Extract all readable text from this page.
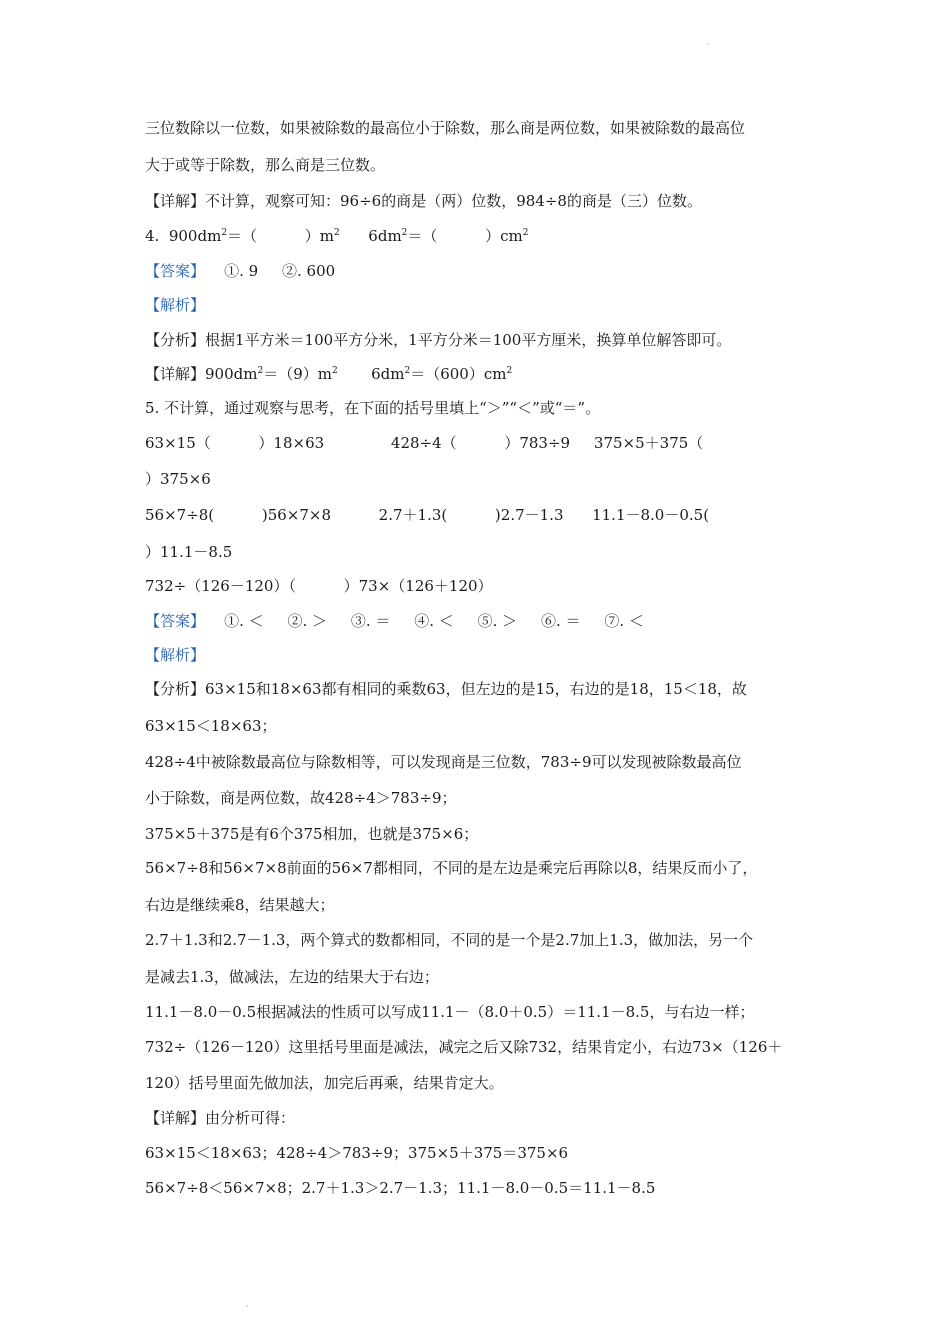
·
三位数除以一位数，如果被除数的最高位小于除数，那么商是两位数，如果被除数的最高位
大于或等于除数，那么商是三位数。
【详解】不计算，观察可知：96÷6的商是（两）位数，984÷8的商是（三）位数。
4.  $900dm^2=$（          ）$m^2$      $6dm^2=$（          ）$cm^2$
【答案】    ①. 9     ②. 600
【解析】
【分析】根据1平方米＝100平方分米，1平方分米＝100平方厘米，换算单位解答即可。
【详解】$900dm^2=(9)m^2$       $6dm^2=(600)cm^2$
5. 不计算，通过观察与思考，在下面的括号里填上“＞”“＜”或“＝”。
63×15（          ）18×63              428÷4（          ）783÷9     375×5＋375（
）375×6
56×7÷8(          )56×7×8          2.7＋1.3(          )2.7－1.3      11.1－8.0－0.5(
）11.1－8.5
732÷（126－120）（          ）73×（126＋120）
【答案】    ①. ＜     ②. ＞     ③. ＝     ④. ＜     ⑤. ＞     ⑥. ＝     ⑦. ＜
【解析】
【分析】63×15和18×63都有相同的乘数63，但左边的是15，右边的是18，15＜18，故
63×15＜18×63；
428÷4中被除数最高位与除数相等，可以发现商是三位数，783÷9可以发现被除数最高位
小于除数，商是两位数，故428÷4＞783÷9；
375×5＋375是有6个375相加，也就是375×6；
56×7÷8和56×7×8前面的56×7都相同，不同的是左边是乘完后再除以8，结果反而小了，
右边是继续乘8，结果越大；
2.7＋1.3和2.7－1.3，两个算式的数都相同，不同的是一个是2.7加上1.3，做加法，另一个
是减去1.3，做减法，左边的结果大于右边；
11.1－8.0－0.5根据减法的性质可以写成11.1－（8.0＋0.5）＝11.1－8.5，与右边一样；
732÷（126－120）这里括号里面是减法，减完之后又除732，结果肯定小，右边73×（126＋
120）括号里面先做加法，加完后再乘，结果肯定大。
【详解】由分析可得：
63×15＜18×63；428÷4＞783÷9；375×5＋375＝375×6
56×7÷8＜56×7×8；2.7＋1.3＞2.7－1.3；11.1－8.0－0.5＝11.1－8.5
·
